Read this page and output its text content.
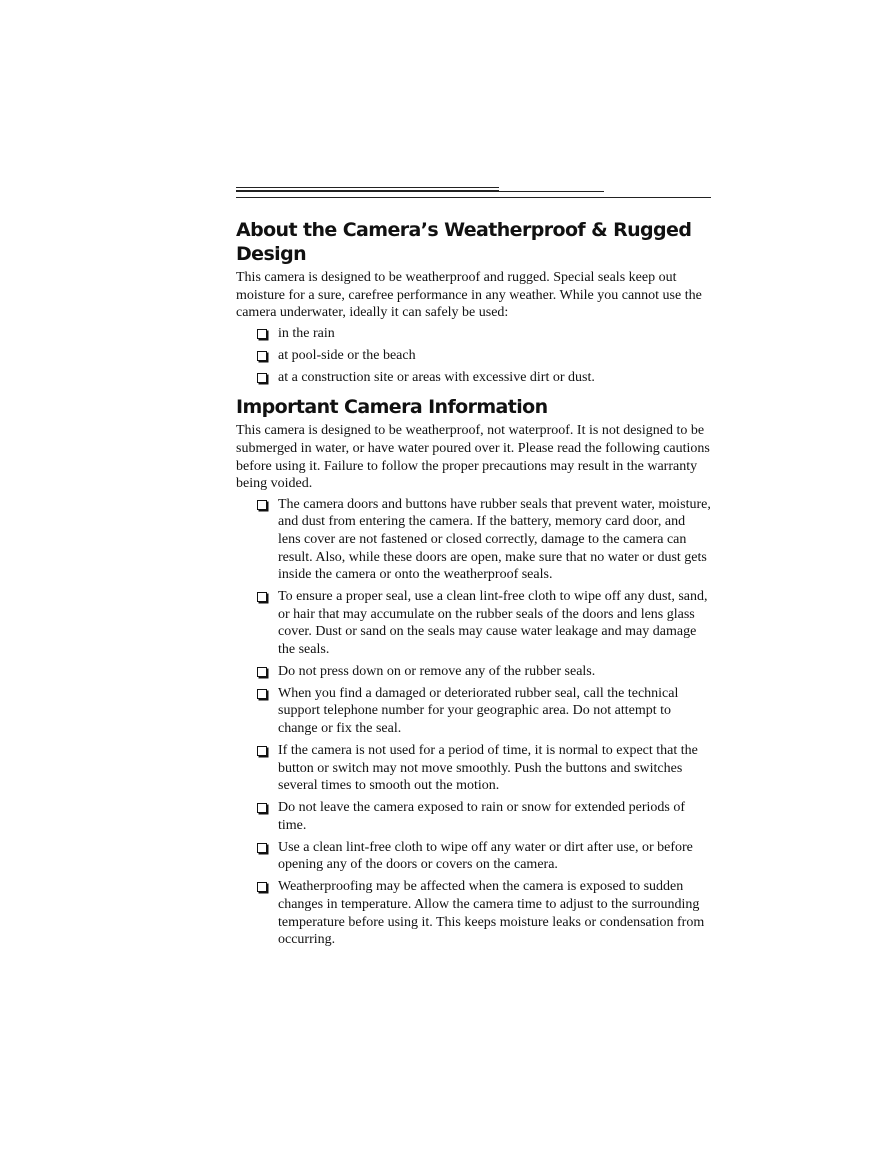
About the Camera’s Weatherproof & Rugged Design

This camera is designed to be weatherproof and rugged. Special seals keep out moisture for a sure, carefree performance in any weather. While you cannot use the camera underwater, ideally it can safely be used:

in the rain
at pool-side or the beach
at a construction site or areas with excessive dirt or dust.
Important Camera Information

This camera is designed to be weatherproof, not waterproof. It is not designed to be submerged in water, or have water poured over it. Please read the following cautions before using it. Failure to follow the proper precautions may result in the warranty being voided.

The camera doors and buttons have rubber seals that prevent water, moisture, and dust from entering the camera. If the battery, memory card door, and lens cover are not fastened or closed correctly, damage to the camera can result. Also, while these doors are open, make sure that no water or dust gets inside the camera or onto the weatherproof seals.
To ensure a proper seal, use a clean lint-free cloth to wipe off any dust, sand, or hair that may accumulate on the rubber seals of the doors and lens glass cover. Dust or sand on the seals may cause water leakage and may damage the seals.
Do not press down on or remove any of the rubber seals.
When you find a damaged or deteriorated rubber seal, call the technical support telephone number for your geographic area. Do not attempt to change or fix the seal.
If the camera is not used for a period of time, it is normal to expect that the button or switch may not move smoothly. Push the buttons and switches several times to smooth out the motion.
Do not leave the camera exposed to rain or snow for extended periods of time.
Use a clean lint-free cloth to wipe off any water or dirt after use, or before opening any of the doors or covers on the camera.
Weatherproofing may be affected when the camera is exposed to sudden changes in temperature. Allow the camera time to adjust to the surrounding temperature before using it. This keeps moisture leaks or condensation from occurring.
